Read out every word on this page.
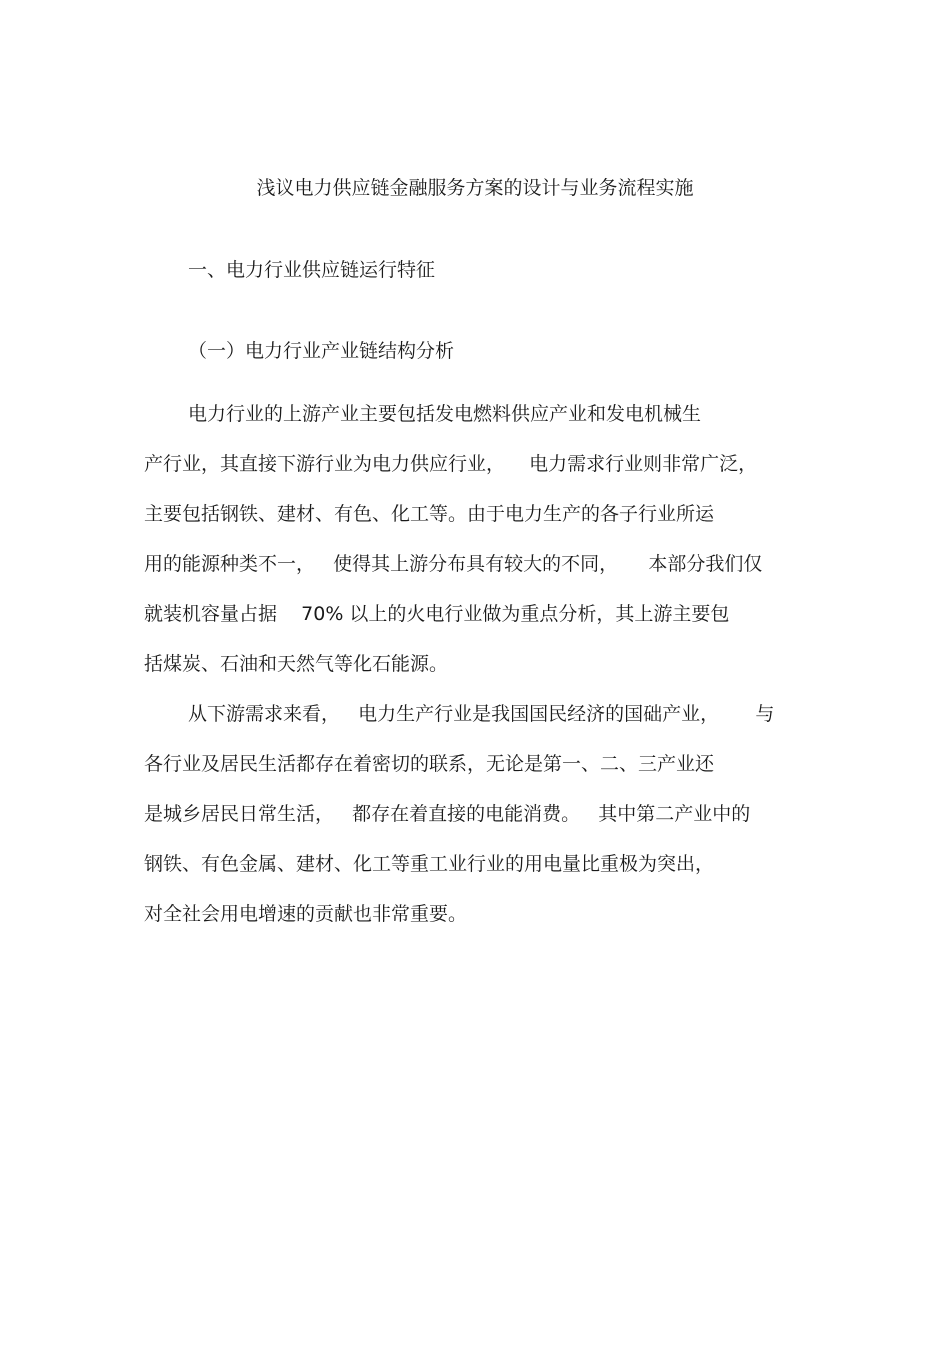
浅议电力供应链金融服务方案的设计与业务流程实施
一、电力行业供应链运行特征
（一）电力行业产业链结构分析
电力行业的上游产业主要包括发电燃料供应产业和发电机械生
产行业，其直接下游行业为电力供应行业，    电力需求行业则非常广泛，
主要包括钢铁、建材、有色、化工等。由于电力生产的各子行业所运
用的能源种类不一，   使得其上游分布具有较大的不同，     本部分我们仅
就装机容量占据    70% 以上的火电行业做为重点分析，其上游主要包
括煤炭、石油和天然气等化石能源。
从下游需求来看，   电力生产行业是我国国民经济的国础产业，      与
各行业及居民生活都存在着密切的联系，无论是第一、二、三产业还
是城乡居民日常生活，   都存在着直接的电能消费。   其中第二产业中的
钢铁、有色金属、建材、化工等重工业行业的用电量比重极为突出，
对全社会用电增速的贡献也非常重要。
